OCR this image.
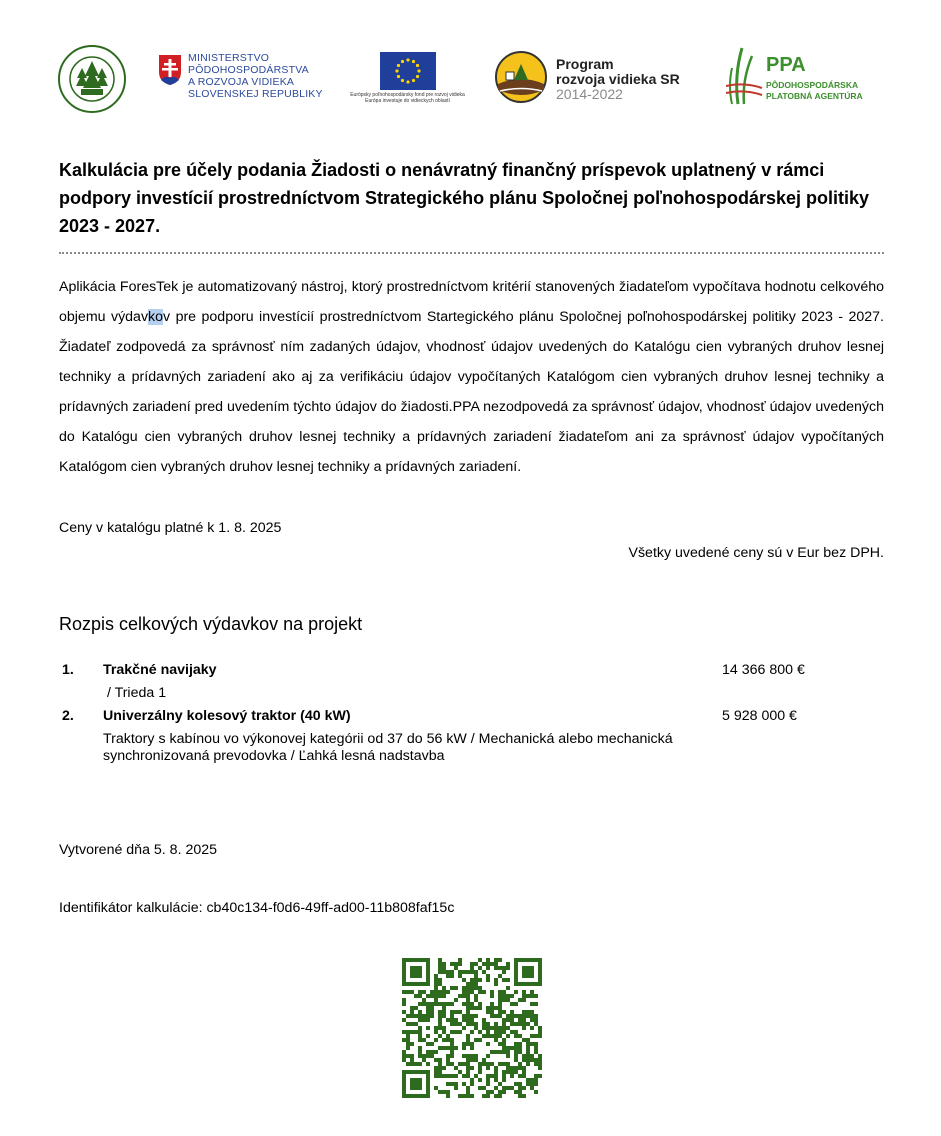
MINISTERSTVO
PÔDOHOSPODÁRSTVA
A ROZVOJA VIDIEKA
SLOVENSKEJ REPUBLIKY	Európsky poľnohospodársky fond pre rozvoj vidieka
Európa investuje do vidieckych oblastí
Program
rozvoja vidieka SR
2014-2022
PPA
PÔDOHOSPODÁRSKA
PLATOBNÁ AGENTÚRA
Kalkulácia pre účely podania Žiadosti o nenávratný finančný príspevok uplatnený v rámci podpory investícií prostredníctvom Strategického plánu Spoločnej poľnohospodárskej politiky 2023 - 2027.
Aplikácia ForesTek je automatizovaný nástroj, ktorý prostredníctvom kritérií stanovených žiadateľom vypočítava hodnotu celkového objemu výdavkov pre podporu investícií prostredníctvom Startegického plánu Spoločnej poľnohospodárskej politiky 2023 - 2027. Žiadateľ zodpovedá za správnosť ním zadaných údajov, vhodnosť údajov uvedených do Katalógu cien vybraných druhov lesnej techniky a prídavných zariadení ako aj za verifikáciu údajov vypočítaných Katalógom cien vybraných druhov lesnej techniky a prídavných zariadení pred uvedením týchto údajov do žiadosti.PPA nezodpovedá za správnosť údajov, vhodnosť údajov uvedených do Katalógu cien vybraných druhov lesnej techniky a prídavných zariadení žiadateľom ani za správnosť údajov vypočítaných Katalógom cien vybraných druhov lesnej techniky a prídavných zariadení.
Ceny v katalógu platné k 1. 8. 2025
Všetky uvedené ceny sú v Eur bez DPH.
Rozpis celkových výdavkov na projekt
1. Trakčné navijaky	14 366 800 €
/ Trieda 1
2. Univerzálny kolesový traktor (40 kW)	5 928 000 €
Traktory s kabínou vo výkonovej kategórii od 37 do 56 kW / Mechanická alebo mechanická synchronizovaná prevodovka / Ľahká lesná nadstavba
Vytvorené dňa 5. 8. 2025
Identifikátor kalkulácie: cb40c134-f0d6-49ff-ad00-11b808faf15c
